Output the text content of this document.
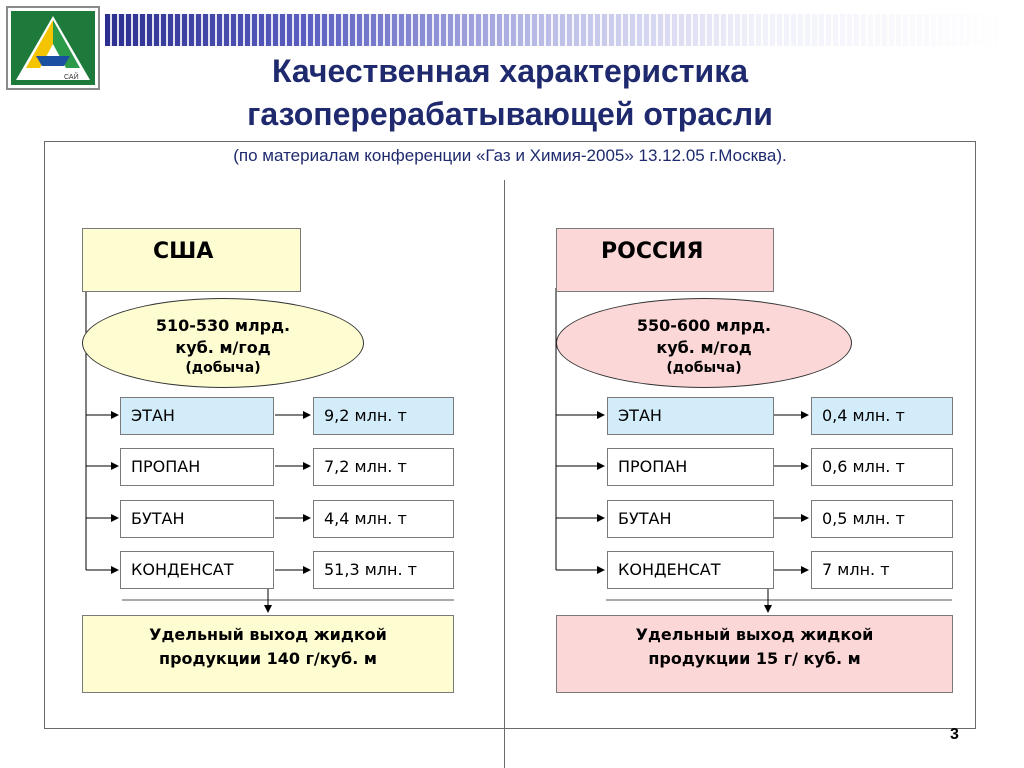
САЙ	Качественная характеристика
газоперерабатывающей отрасли
(по материалам конференции «Газ и Химия-2005» 13.12.05 г.Москва).
США
510-530 млрд.
куб. м/год
(добыча)
ЭТАН	9,2 млн. т
ПРОПАН	7,2 млн. т
БУТАН	4,4 млн. т
КОНДЕНСАТ	51,3 млн. т
Удельный выход жидкой
продукции 140 г/куб. м
РОССИЯ
550-600 млрд.
куб. м/год
(добыча)
ЭТАН	0,4 млн. т
ПРОПАН	0,6 млн. т
БУТАН	0,5 млн. т
КОНДЕНСАТ	7 млн. т
Удельный выход жидкой
продукции 15 г/ куб. м
3
